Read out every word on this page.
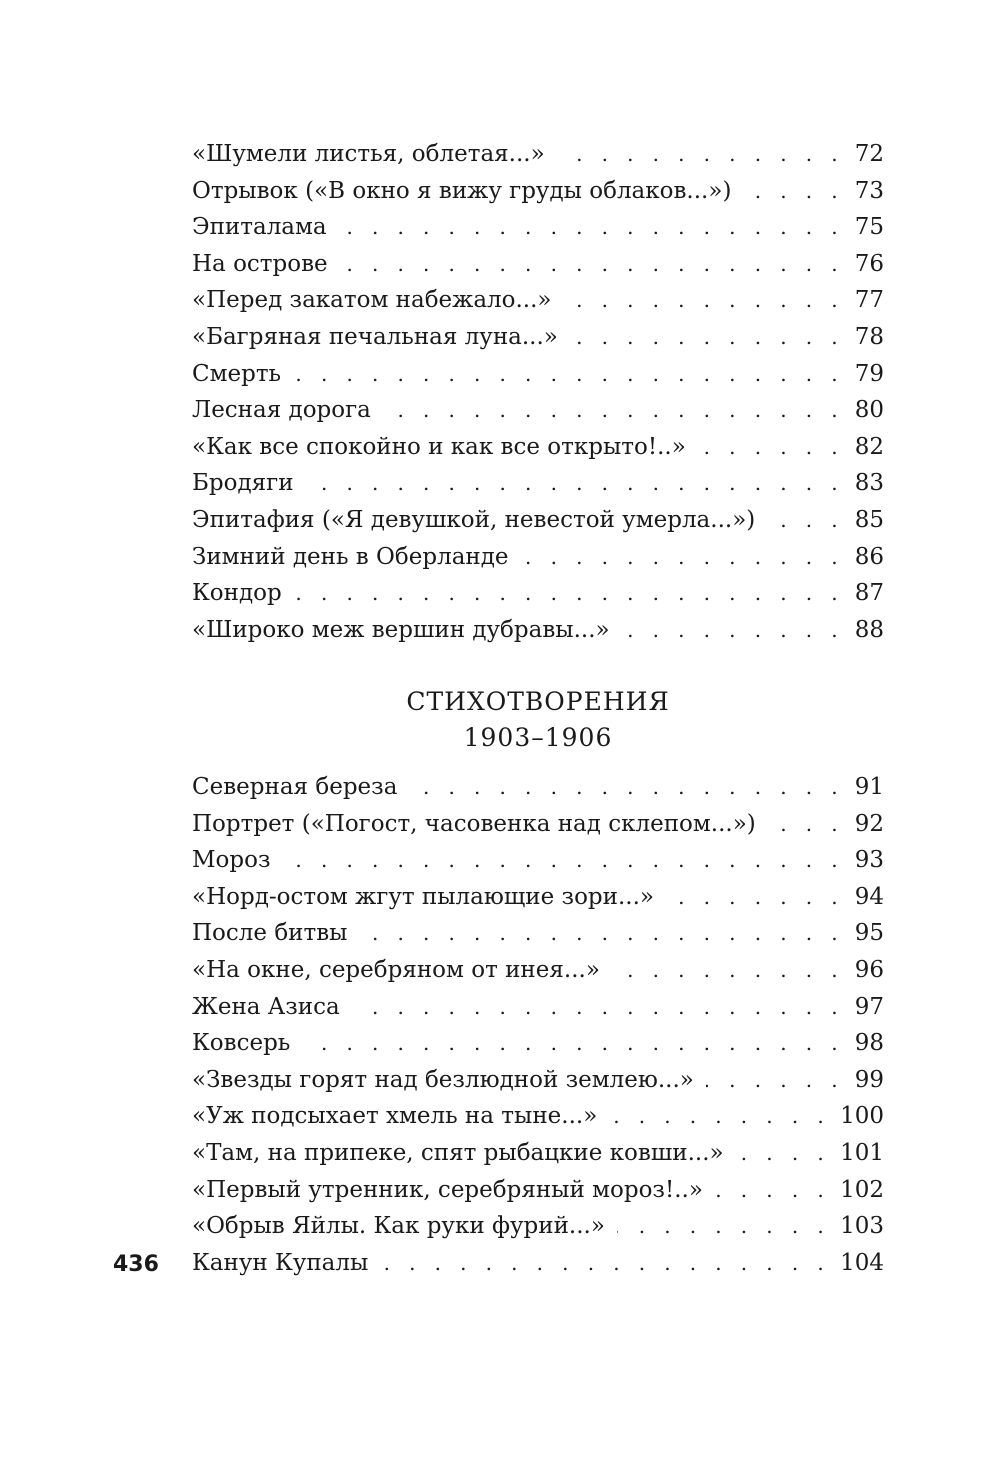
«Шумели листья, облетая...» . . .	72
Отрывок («В окно я вижу груды облаков...») . . .	73
Эпиталама . . .	75
На острове . . .	76
«Перед закатом набежало...» . . .	77
«Багряная печальная луна...» . . .	78
Смерть . . .	79
Лесная дорога . . .	80
«Как все спокойно и как все открыто!..» . . .	82
Бродяги . . .	83
Эпитафия («Я девушкой, невестой умерла...») . . .	85
Зимний день в Оберланде . . .	86
Кондор . . .	87
«Широко меж вершин дубравы...» . . .	88
СТИХОТВОРЕНИЯ
1903–1906
Северная береза . . .	91
Портрет («Погост, часовенка над склепом...») . . .	92
Мороз . . .	93
«Норд-остом жгут пылающие зори...» . . .	94
После битвы . . .	95
«На окне, серебряном от инея...» . . .	96
Жена Азиса . . .	97
Ковсерь . . .	98
«Звезды горят над безлюдной землею...» . . .	99
«Уж подсыхает хмель на тыне...» . . .	100
«Там, на припеке, спят рыбацкие ковши...» . . .	101
«Первый утренник, серебряный мороз!..» . . .	102
«Обрыв Яйлы. Как руки фурий...» . . .	103
Канун Купалы . . .	104
436
